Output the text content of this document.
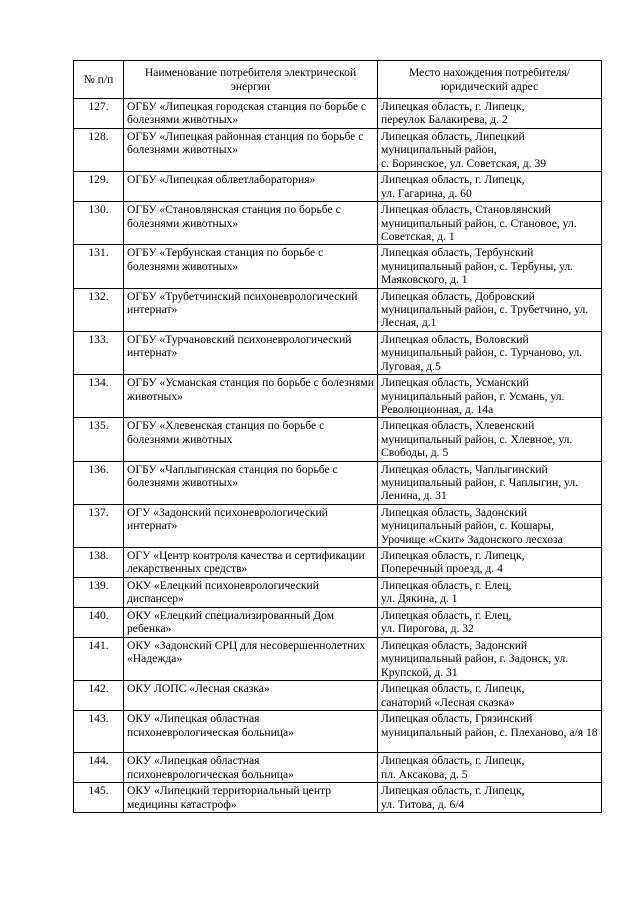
№ п/п	Наименование потребителя электрической энергии	Место нахождения потребителя/юридический адрес
127.	ОГБУ «Липецкая городская станция по борьбе с болезнями животных»	Липецкая область, г. Липецк,
переулок Балакирева, д. 2
128.	ОГБУ «Липецкая районная станция по борьбе с болезнями животных»	Липецкая область, Липецкий муниципальный район,
с. Боринское, ул. Советская, д. 39
129.	ОГБУ «Липецкая облветлаборатория»	Липецкая область, г. Липецк,
ул. Гагарина, д. 60
130.	ОГБУ «Становлянская станция по борьбе с болезнями животных»	Липецкая область, Становлянский муниципальный район, с. Становое, ул. Советская, д. 1
131.	ОГБУ «Тербунская станция по борьбе с болезнями животных»	Липецкая область, Тербунский муниципальный район, с. Тербуны, ул. Маяковского, д. 1
132.	ОГБУ «Трубетчинский психоневрологический интернат»	Липецкая область, Добровский муниципальный район, с. Трубетчино, ул. Лесная, д.1
133.	ОГБУ «Турчановский психоневрологический интернат»	Липецкая область, Воловский муниципальный район, с. Турчаново, ул. Луговая, д.5
134.	ОГБУ «Усманская станция по борьбе с болезнями животных»	Липецкая область, Усманский муниципальный район, г. Усмань, ул. Революционная, д. 14а
135.	ОГБУ «Хлевенская станция по борьбе с болезнями животных	Липецкая область, Хлевенский муниципальный район, с. Хлевное, ул. Свободы, д. 5
136.	ОГБУ «Чаплыгинская станция по борьбе с болезнями животных»	Липецкая область, Чаплыгинский муниципальный район, г. Чаплыгин, ул. Ленина, д. 31
137.	ОГУ «Задонский психоневрологический интернат»	Липецкая область, Задонский муниципальный район, с. Кошары, Урочище «Скит» Задонского лесхоза
138.	ОГУ «Центр контроля качества и сертификации лекарственных средств»	Липецкая область, г. Липецк,
Поперечный проезд, д. 4
139.	ОКУ «Елецкий психоневрологический диспансер»	Липецкая область, г. Елец,
ул. Дякина, д. 1
140.	ОКУ «Елецкий специализированный Дом ребенка»	Липецкая область, г. Елец,
ул. Пирогова, д. 32
141.	ОКУ «Задонский СРЦ для несовершеннолетних «Надежда»	Липецкая область, Задонский муниципальный район, г. Задонск, ул. Крупской, д. 31
142.	ОКУ ЛОПС «Лесная сказка»	Липецкая область, г. Липецк,
санаторий «Лесная сказка»
143.	ОКУ «Липецкая областная психоневрологическая больница»	Липецкая область, Грязинский муниципальный район, с. Плеханово, а/я 18
144.	ОКУ «Липецкая областная психоневрологическая больница»	Липецкая область, г. Липецк,
пл. Аксакова, д. 5
145.	ОКУ «Липецкий территориальный центр медицины катастроф»	Липецкая область, г. Липецк,
ул. Титова, д. 6/4
